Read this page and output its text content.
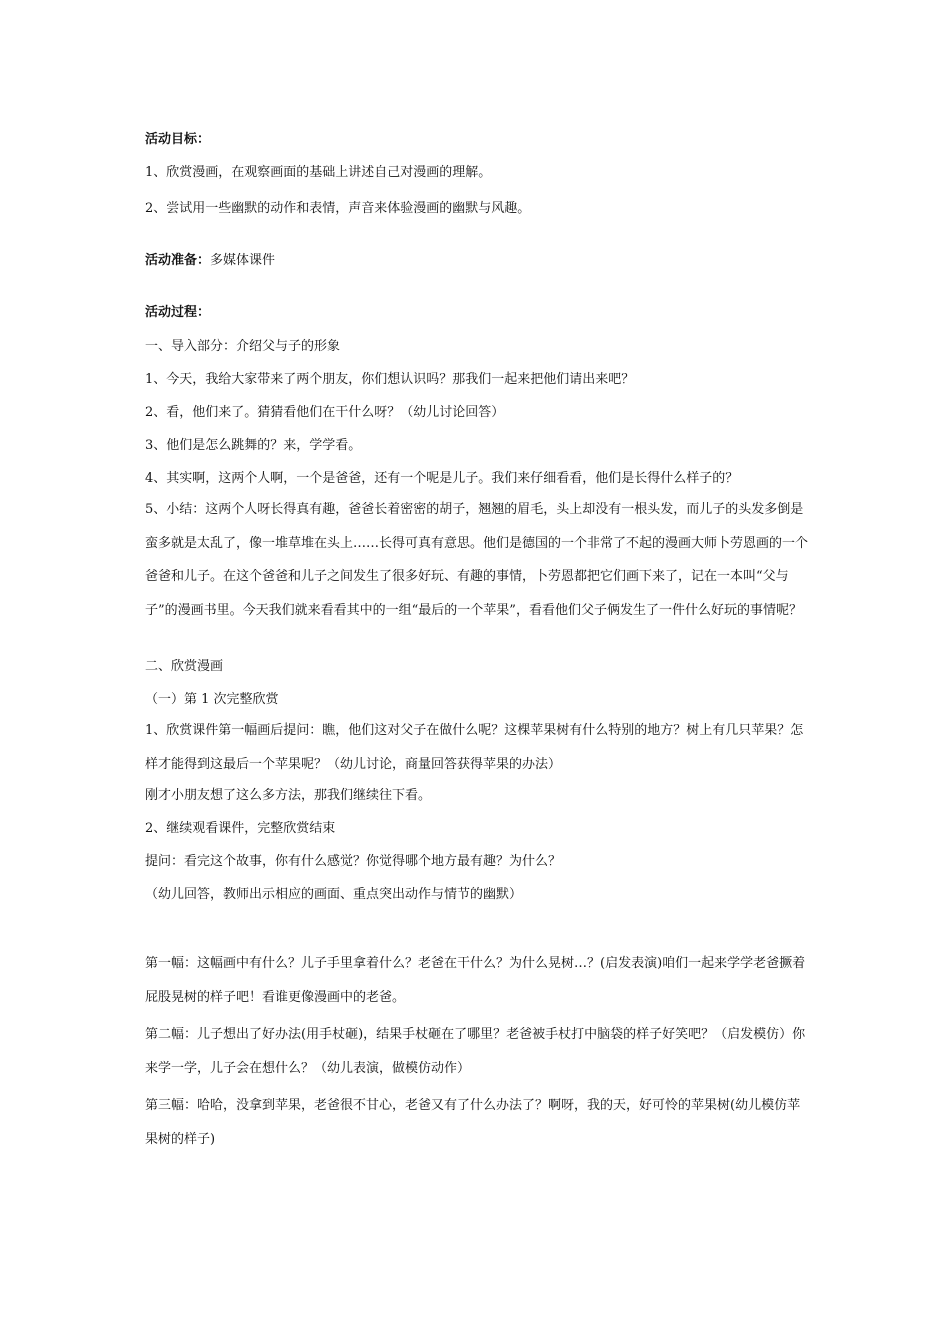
活动目标：

1、欣赏漫画，在观察画面的基础上讲述自己对漫画的理解。

2、尝试用一些幽默的动作和表情，声音来体验漫画的幽默与风趣。

活动准备：多媒体课件

活动过程：

一、导入部分：介绍父与子的形象

1、今天，我给大家带来了两个朋友，你们想认识吗？那我们一起来把他们请出来吧？

2、看，他们来了。猜猜看他们在干什么呀？（幼儿讨论回答）

3、他们是怎么跳舞的？来，学学看。

4、其实啊，这两个人啊，一个是爸爸，还有一个呢是儿子。我们来仔细看看，他们是长得什么样子的？

5、小结：这两个人呀长得真有趣，爸爸长着密密的胡子，翘翘的眉毛，头上却没有一根头发，而儿子的头发多倒是蛮多就是太乱了，像一堆草堆在头上……长得可真有意思。他们是德国的一个非常了不起的漫画大师卜劳恩画的一个爸爸和儿子。在这个爸爸和儿子之间发生了很多好玩、有趣的事情，卜劳恩都把它们画下来了，记在一本叫“父与子”的漫画书里。今天我们就来看看其中的一组“最后的一个苹果”，看看他们父子俩发生了一件什么好玩的事情呢？

二、欣赏漫画

（一）第 1 次完整欣赏

1、欣赏课件第一幅画后提问：瞧，他们这对父子在做什么呢？这棵苹果树有什么特别的地方？树上有几只苹果？怎样才能得到这最后一个苹果呢？（幼儿讨论，商量回答获得苹果的办法）

刚才小朋友想了这么多方法，那我们继续往下看。

2、继续观看课件，完整欣赏结束

提问：看完这个故事，你有什么感觉？你觉得哪个地方最有趣？为什么？

（幼儿回答，教师出示相应的画面、重点突出动作与情节的幽默）

第一幅：这幅画中有什么？儿子手里拿着什么？老爸在干什么？为什么晃树…？(启发表演)咱们一起来学学老爸撅着屁股晃树的样子吧！看谁更像漫画中的老爸。

第二幅：儿子想出了好办法(用手杖砸)，结果手杖砸在了哪里？老爸被手杖打中脑袋的样子好笑吧？（启发模仿）你来学一学，儿子会在想什么？（幼儿表演，做模仿动作）

第三幅：哈哈，没拿到苹果，老爸很不甘心，老爸又有了什么办法了？啊呀，我的天，好可怜的苹果树(幼儿模仿苹果树的样子)
